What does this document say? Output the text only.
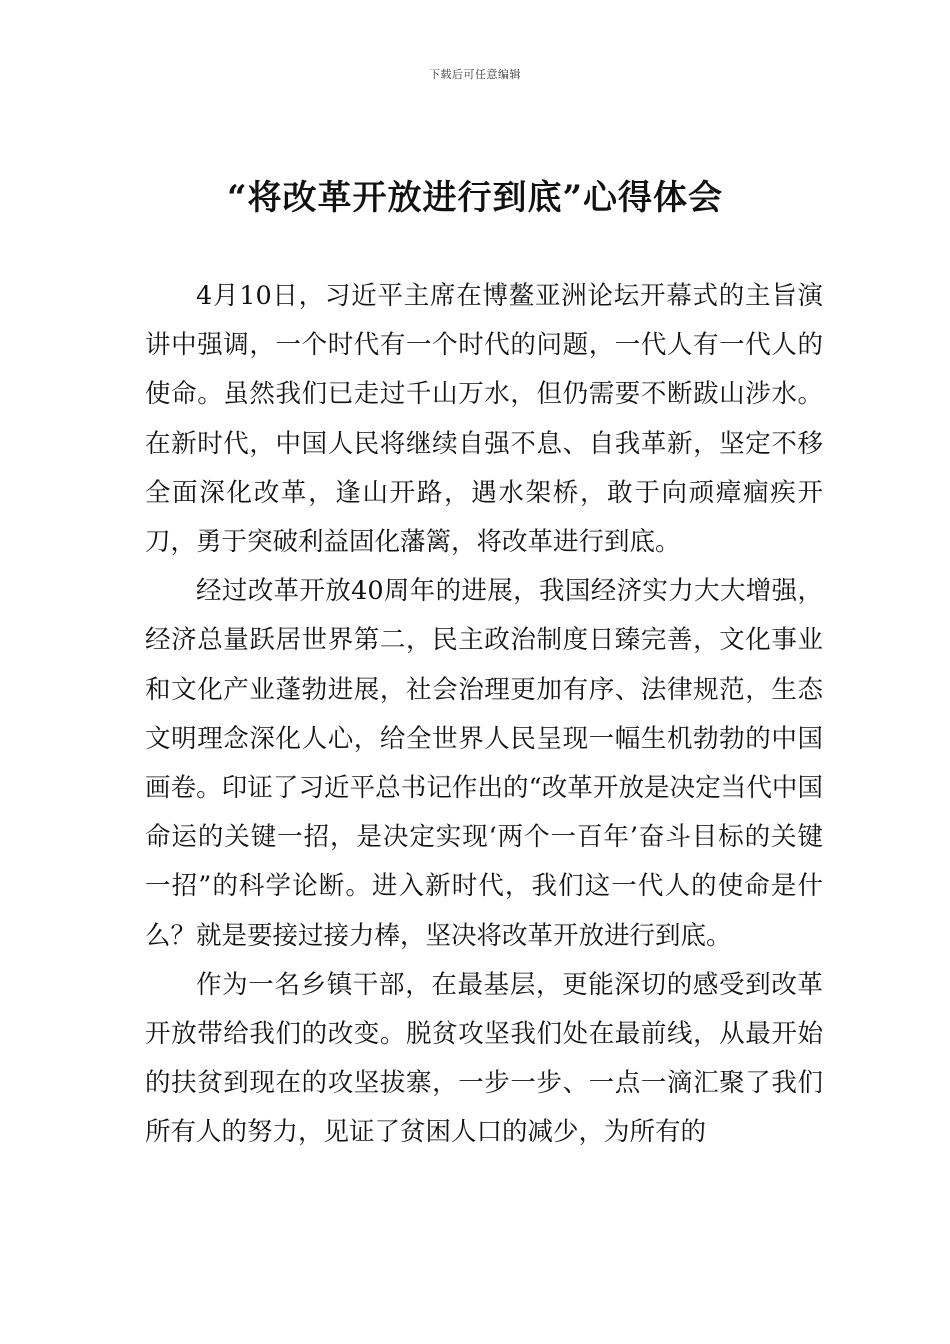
下载后可任意编辑
“将改革开放进行到底”心得体会

4月10日，习近平主席在博鳌亚洲论坛开幕式的主旨演讲中强调，一个时代有一个时代的问题，一代人有一代人的使命。虽然我们已走过千山万水，但仍需要不断跋山涉水。在新时代，中国人民将继续自强不息、自我革新，坚定不移全面深化改革，逢山开路，遇水架桥，敢于向顽瘴痼疾开刀，勇于突破利益固化藩篱，将改革进行到底。

经过改革开放40周年的进展，我国经济实力大大增强，经济总量跃居世界第二，民主政治制度日臻完善，文化事业和文化产业蓬勃进展，社会治理更加有序、法律规范，生态文明理念深化人心，给全世界人民呈现一幅生机勃勃的中国画卷。印证了习近平总书记作出的“改革开放是决定当代中国命运的关键一招，是决定实现‘两个一百年’奋斗目标的关键一招”的科学论断。进入新时代，我们这一代人的使命是什么？就是要接过接力棒，坚决将改革开放进行到底。

作为一名乡镇干部，在最基层，更能深切的感受到改革开放带给我们的改变。脱贫攻坚我们处在最前线，从最开始的扶贫到现在的攻坚拔寨，一步一步、一点一滴汇聚了我们所有人的努力，见证了贫困人口的减少，为所有的
